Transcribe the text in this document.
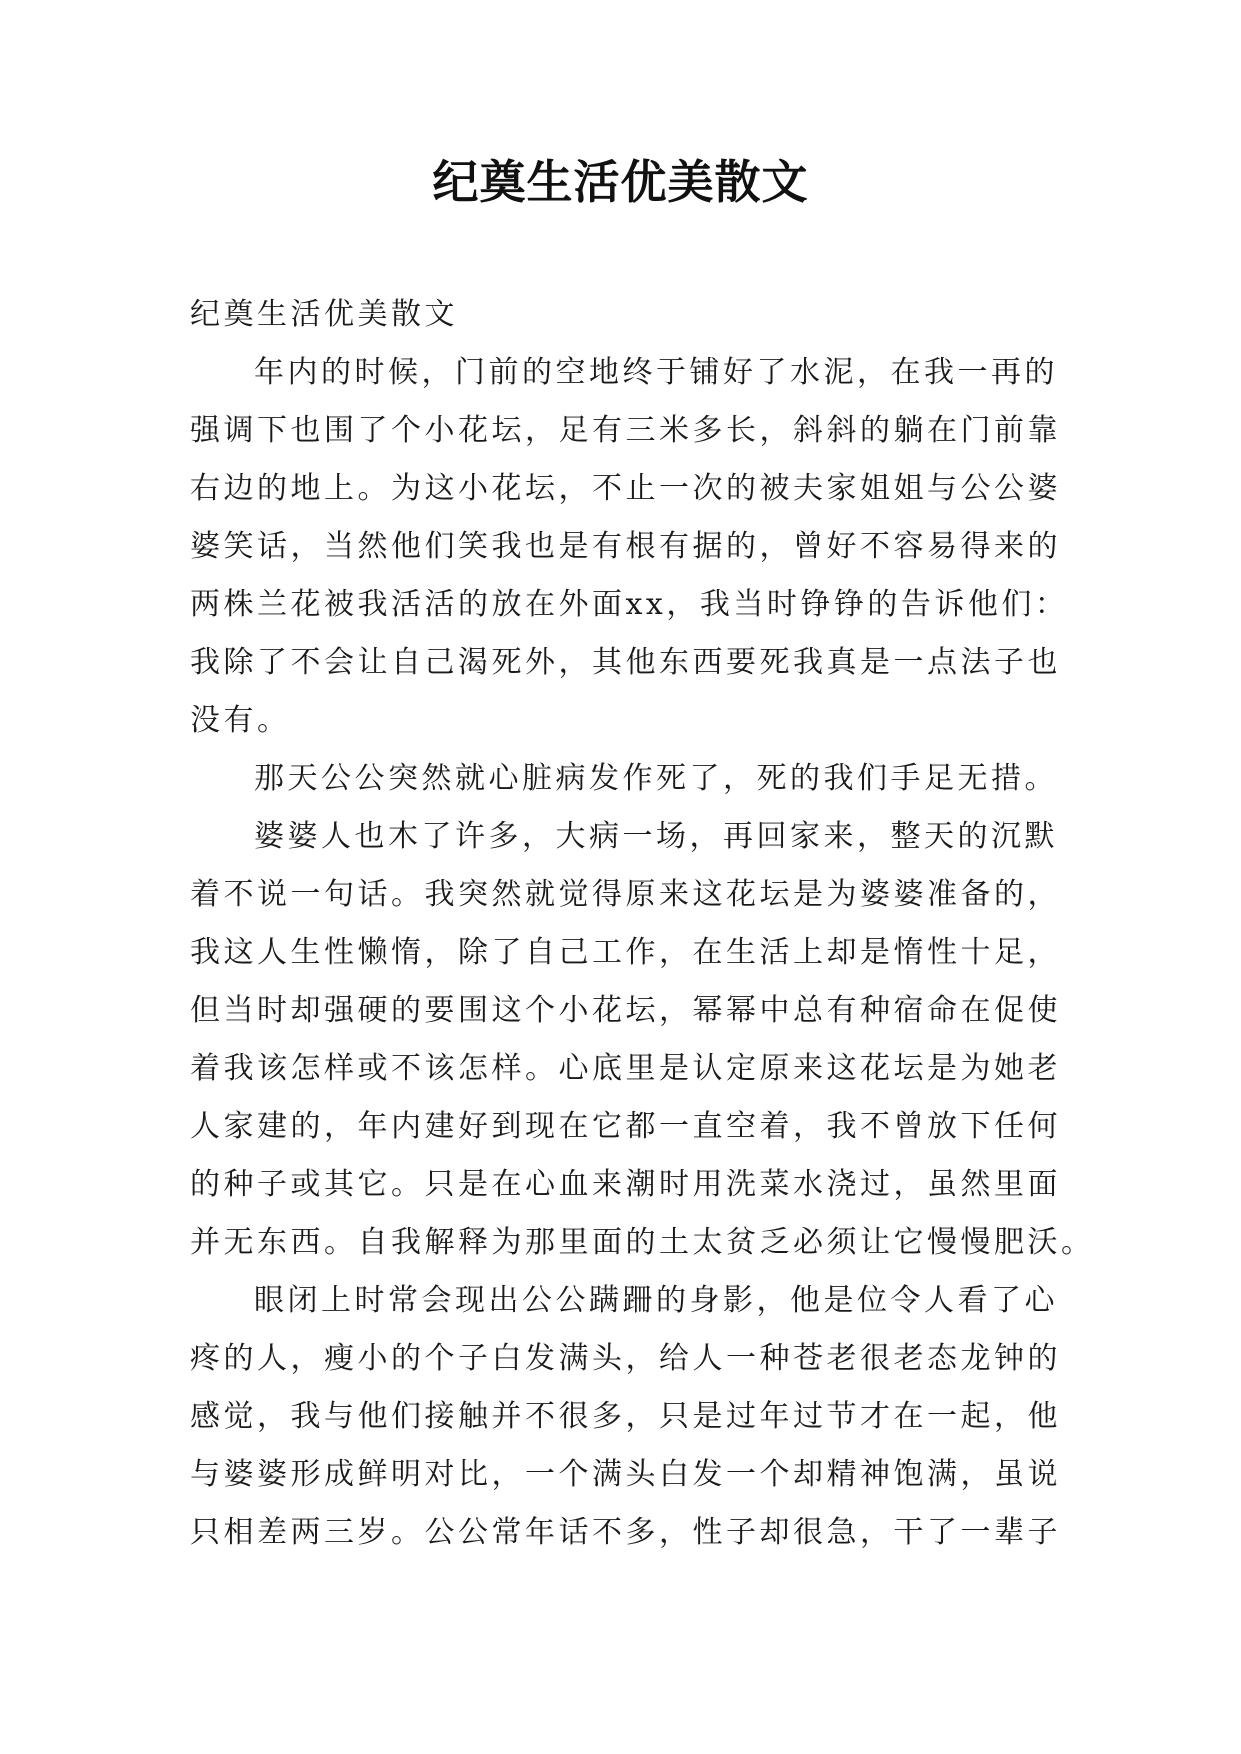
纪奠生活优美散文
纪奠生活优美散文
年内的时候，门前的空地终于铺好了水泥，在我一再的
强调下也围了个小花坛，足有三米多长，斜斜的躺在门前靠
右边的地上。为这小花坛，不止一次的被夫家姐姐与公公婆
婆笑话，当然他们笑我也是有根有据的，曾好不容易得来的
两株兰花被我活活的放在外面xx，我当时铮铮的告诉他们：
我除了不会让自己渴死外，其他东西要死我真是一点法子也
没有。
那天公公突然就心脏病发作死了，死的我们手足无措。
婆婆人也木了许多，大病一场，再回家来，整天的沉默
着不说一句话。我突然就觉得原来这花坛是为婆婆准备的，
我这人生性懒惰，除了自己工作，在生活上却是惰性十足，
但当时却强硬的要围这个小花坛，幂幂中总有种宿命在促使
着我该怎样或不该怎样。心底里是认定原来这花坛是为她老
人家建的，年内建好到现在它都一直空着，我不曾放下任何
的种子或其它。只是在心血来潮时用洗菜水浇过，虽然里面
并无东西。自我解释为那里面的土太贫乏必须让它慢慢肥沃。
眼闭上时常会现出公公蹒跚的身影，他是位令人看了心
疼的人，瘦小的个子白发满头，给人一种苍老很老态龙钟的
感觉，我与他们接触并不很多，只是过年过节才在一起，他
与婆婆形成鲜明对比，一个满头白发一个却精神饱满，虽说
只相差两三岁。公公常年话不多，性子却很急，干了一辈子
